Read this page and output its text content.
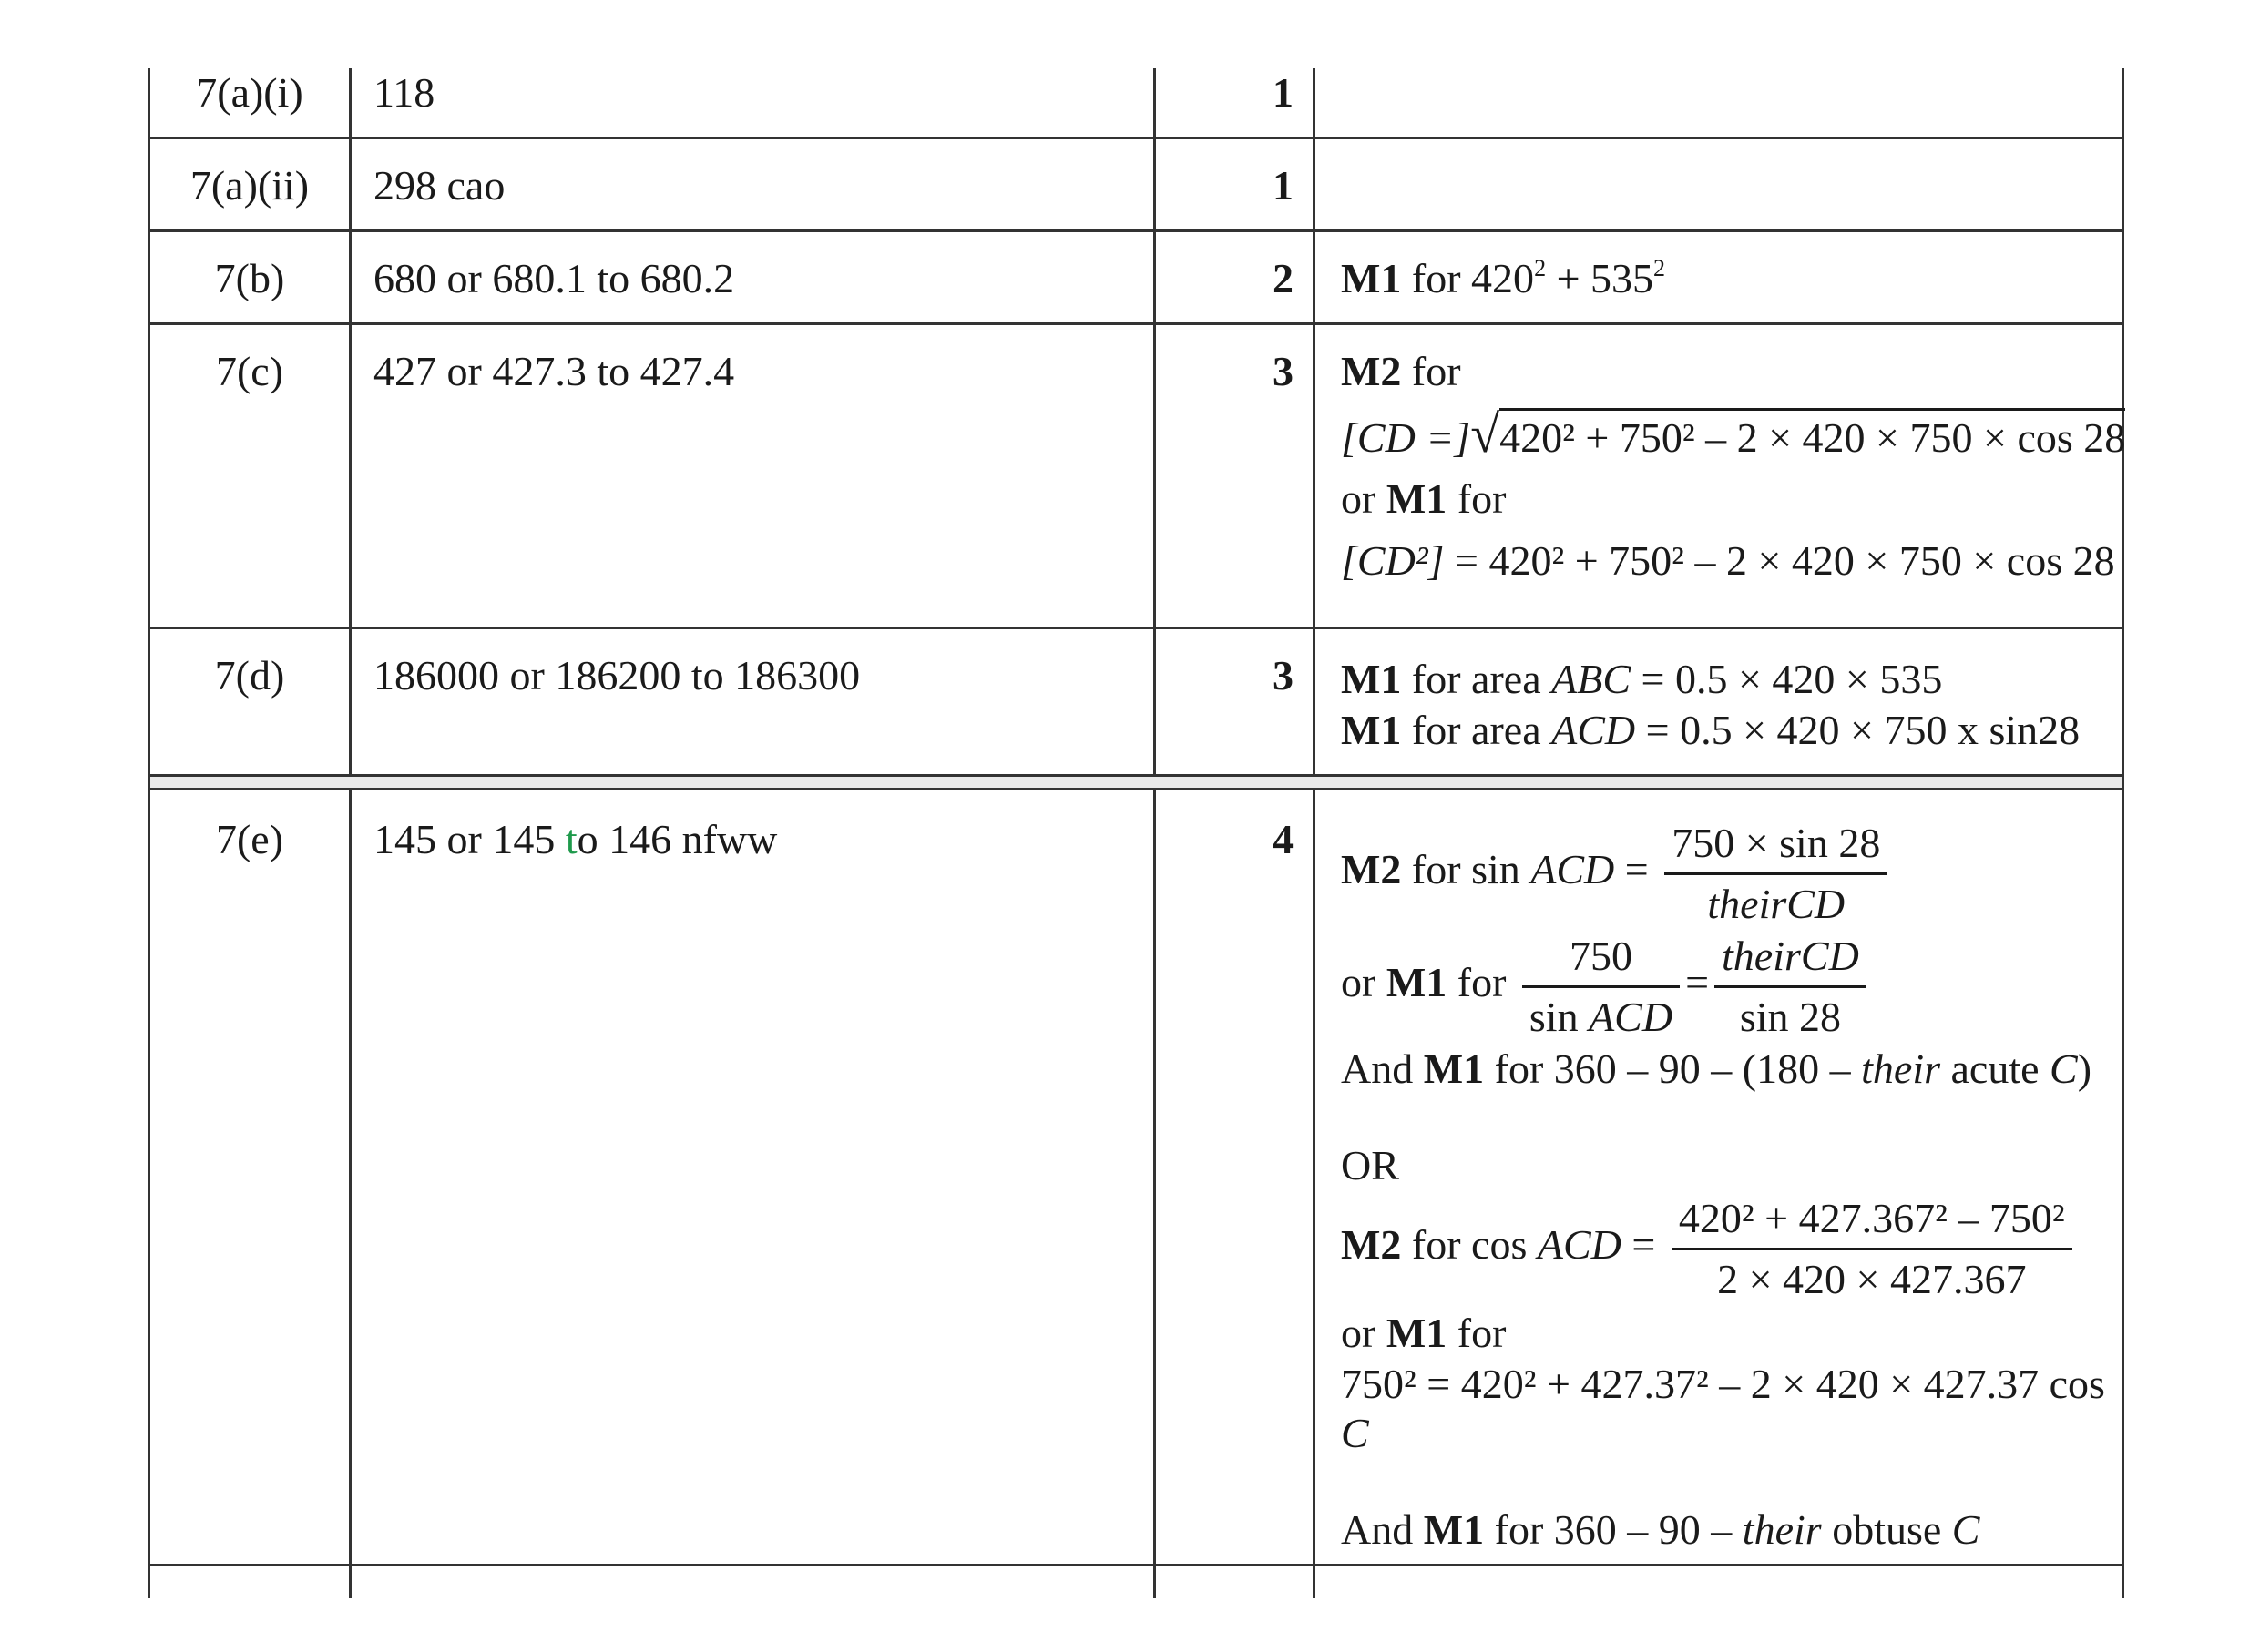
7(a)(i)	118	1
7(a)(ii)	298 cao	1
7(b)	680 or 680.1 to 680.2	2 M1 for $420^2 + 535^2$
7(c)	427 or 427.3 to 427.4	3 M2 for
[CD =]√420² + 750² – 2 × 420 × 750 × cos 28
or M1 for
[CD²] = 420² + 750² – 2 × 420 × 750 × cos 28
7(d)	186000 or 186200 to 186300	3 M1 for area ABC = 0.5 × 420 × 535
M1 for area ACD = 0.5 × 420 × 750 x sin28
7(e)	145 or 145 to 146 nfww	4
M2 for sin ACD = $\frac{750 \times \sin 28}{\text{theirCD}}$
or M1 for $\frac{750}{\text{sin ACD}} = \frac{\text{theirCD}}{\sin 28}$
And M1 for 360 – 90 – (180 – their acute C)
OR
M2 for cos ACD = $\frac{\text{420² + 427.367² – 750²}}{2 \times 420 \times 427.367}$
or M1 for
750² = 420² + 427.37² – 2 × 420 × 427.37 cos
C
And M1 for 360 – 90 – their obtuse C
